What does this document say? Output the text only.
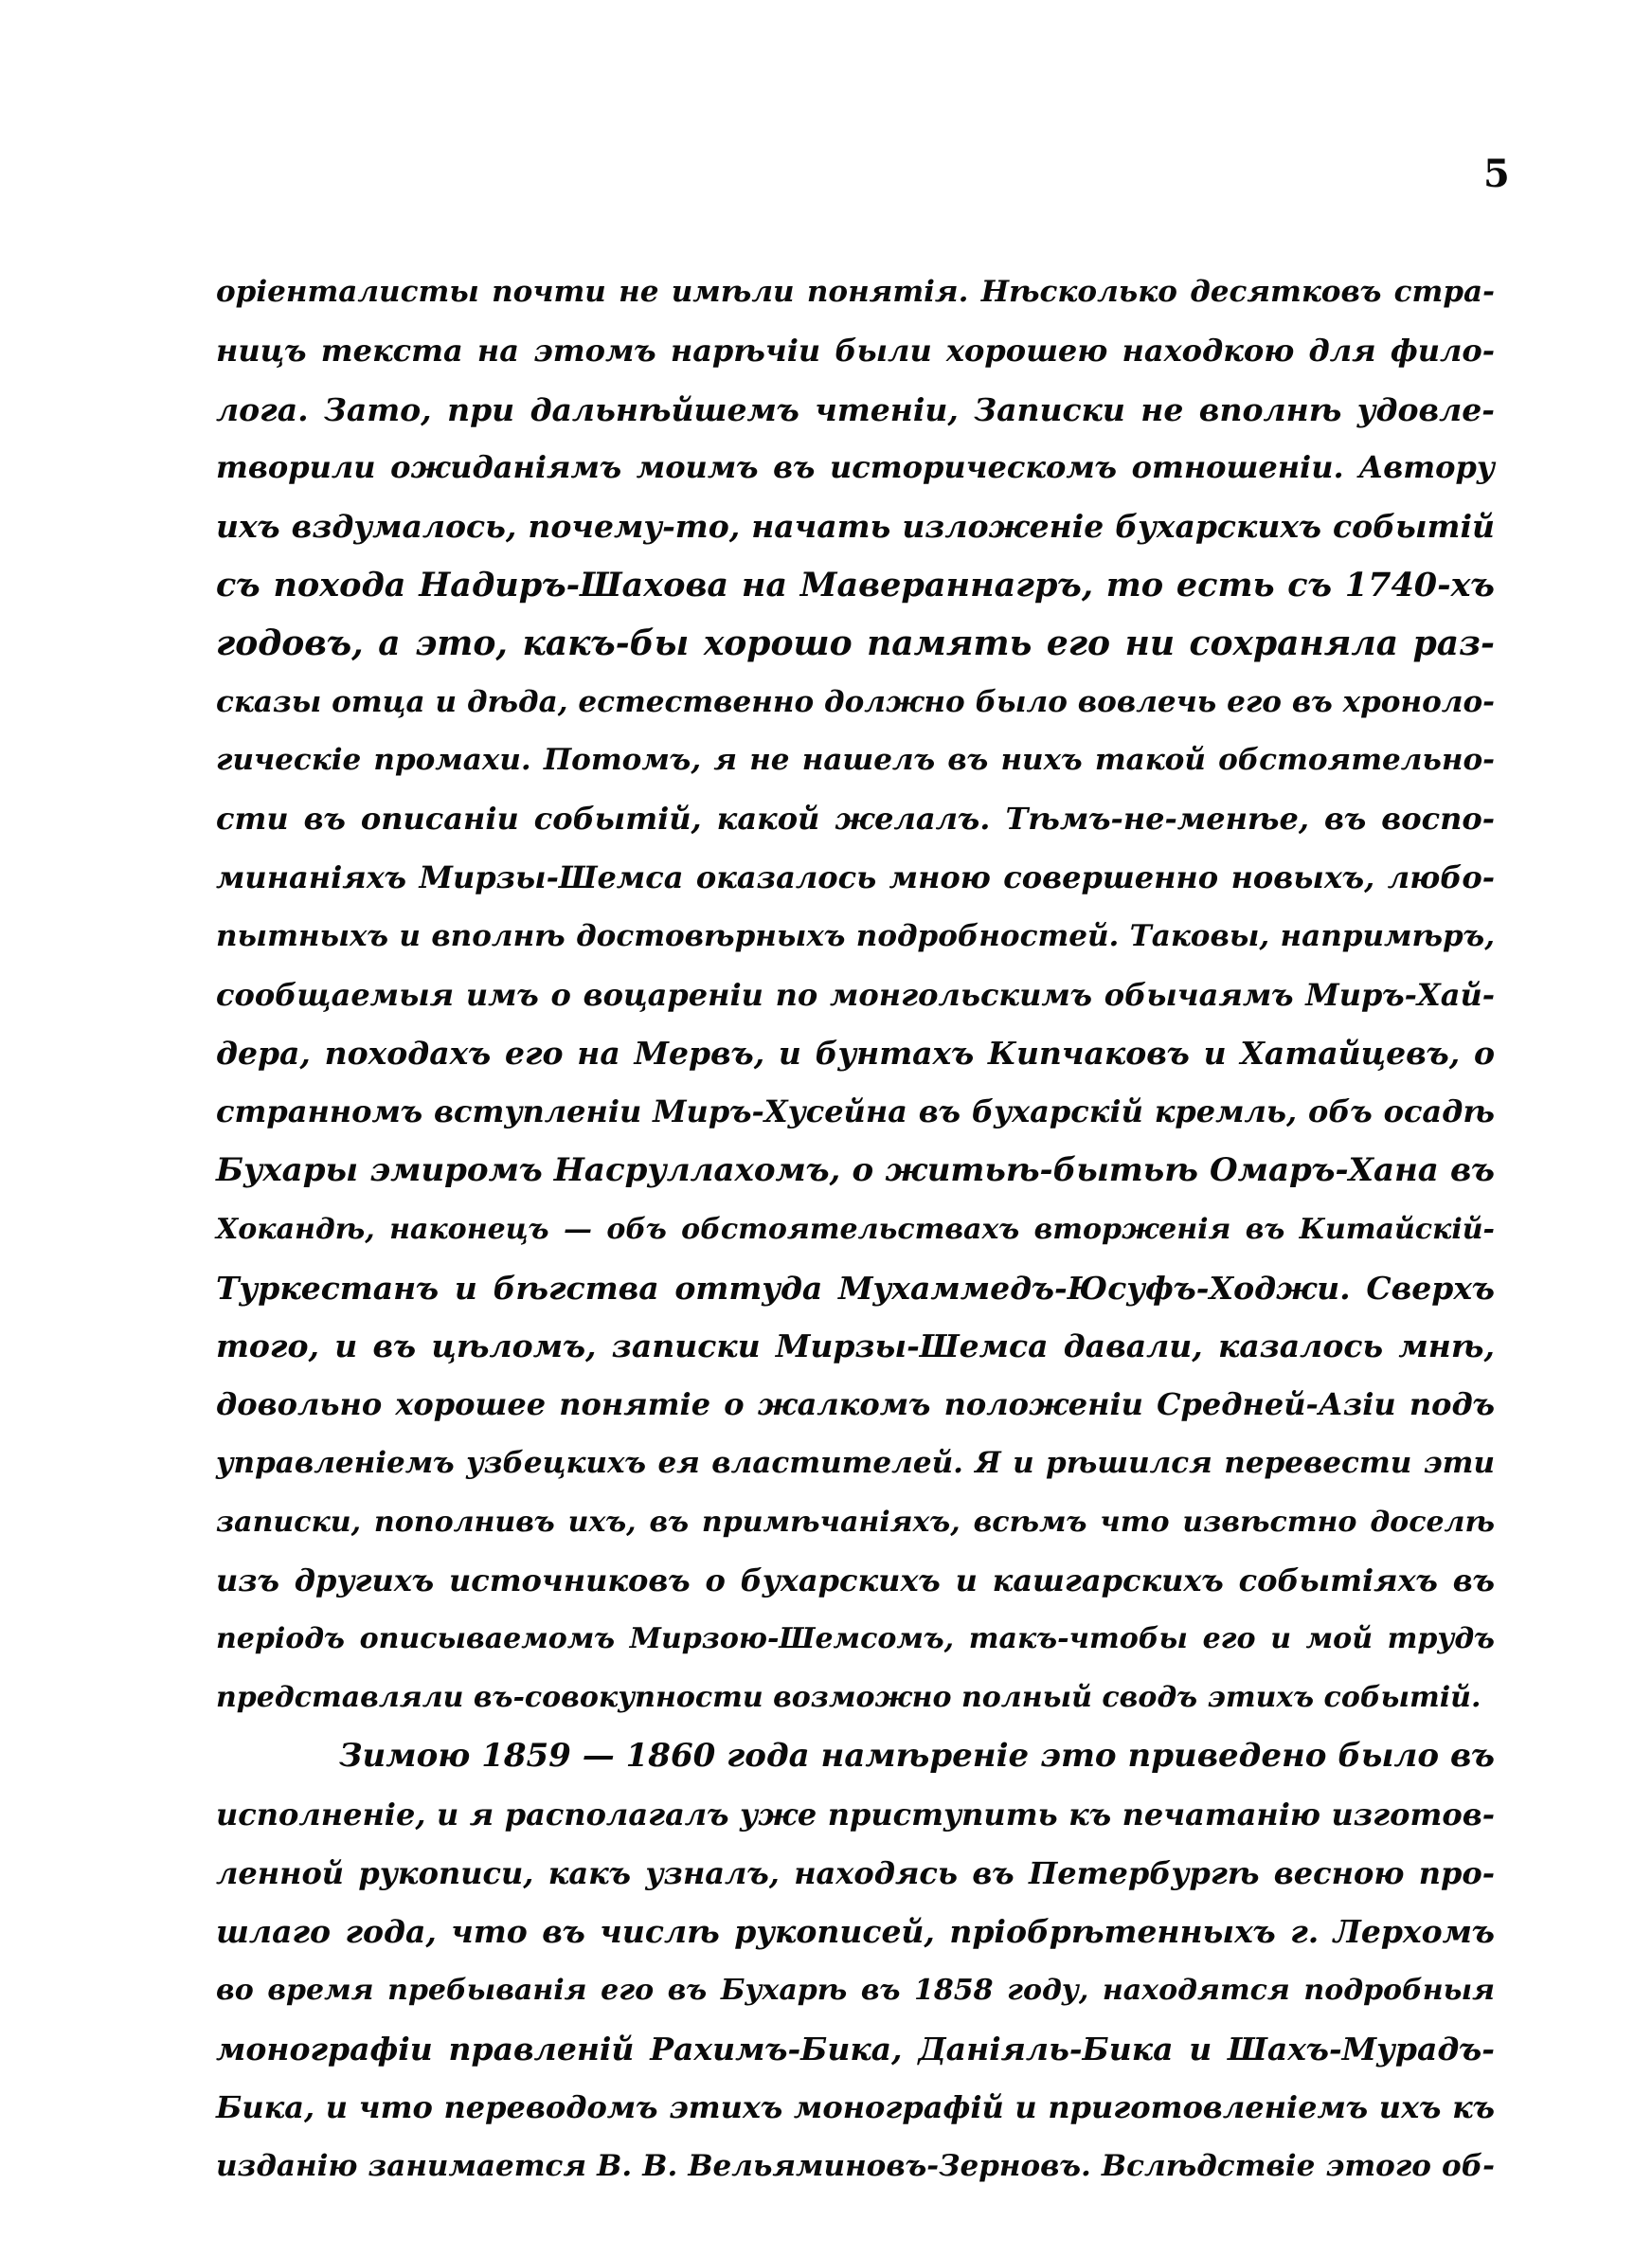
5
оріенталисты почти не имѣли понятія. Нѣсколько десятковъ стра-
ницъ текста на этомъ нарѣчіи были хорошею находкою для фило-
лога. Зато, при дальнѣйшемъ чтеніи, Записки не вполнѣ удовле-
творили ожиданіямъ моимъ въ историческомъ отношеніи. Автору
ихъ вздумалось, почему-то, начать изложеніе бухарскихъ событій
съ похода Надиръ-Шахова на Мавераннагръ, то есть съ 1740-хъ
годовъ, а это, какъ-бы хорошо память его ни сохраняла раз-
сказы отца и дѣда, естественно должно было вовлечь его въ хроноло-
гическіе промахи. Потомъ, я не нашелъ въ нихъ такой обстоятельно-
сти въ описаніи событій, какой желалъ. Тѣмъ-не-менѣе, въ воспо-
минаніяхъ Мирзы-Шемса оказалось мною совершенно новыхъ, любо-
пытныхъ и вполнѣ достовѣрныхъ подробностей. Таковы, напримѣръ,
сообщаемыя имъ о воцареніи по монгольскимъ обычаямъ Миръ-Хай-
дера, походахъ его на Мервъ, и бунтахъ Кипчаковъ и Хатайцевъ, о
странномъ вступленіи Миръ-Хусейна въ бухарскій кремль, объ осадѣ
Бухары эмиромъ Насруллахомъ, о житьѣ-бытьѣ Омаръ-Хана въ
Хокандѣ, наконецъ — объ обстоятельствахъ вторженія въ Китайскій-
Туркестанъ и бѣгства оттуда Мухаммедъ-Юсуфъ-Ходжи. Сверхъ
того, и въ цѣломъ, записки Мирзы-Шемса давали, казалось мнѣ,
довольно хорошее понятіе о жалкомъ положеніи Средней-Азіи подъ
управленіемъ узбецкихъ ея властителей. Я и рѣшился перевести эти
записки, пополнивъ ихъ, въ примѣчаніяхъ, всѣмъ что извѣстно доселѣ
изъ другихъ источниковъ о бухарскихъ и кашгарскихъ событіяхъ въ
періодъ описываемомъ Мирзою-Шемсомъ, такъ-чтобы его и мой трудъ
представляли въ-совокупности возможно полный сводъ этихъ событій.
Зимою 1859 — 1860 года намѣреніе это приведено было въ
исполненіе, и я располагалъ уже приступить къ печатанію изготов-
ленной рукописи, какъ узналъ, находясь въ Петербургѣ весною про-
шлаго года, что въ числѣ рукописей, пріобрѣтенныхъ г. Лерхомъ
во время пребыванія его въ Бухарѣ въ 1858 году, находятся подробныя
монографіи правленій Рахимъ-Бика, Даніяль-Бика и Шахъ-Мурадъ-
Бика, и что переводомъ этихъ монографій и приготовленіемъ ихъ къ
изданію занимается В. В. Вельяминовъ-Зерновъ. Вслѣдствіе этого об-
